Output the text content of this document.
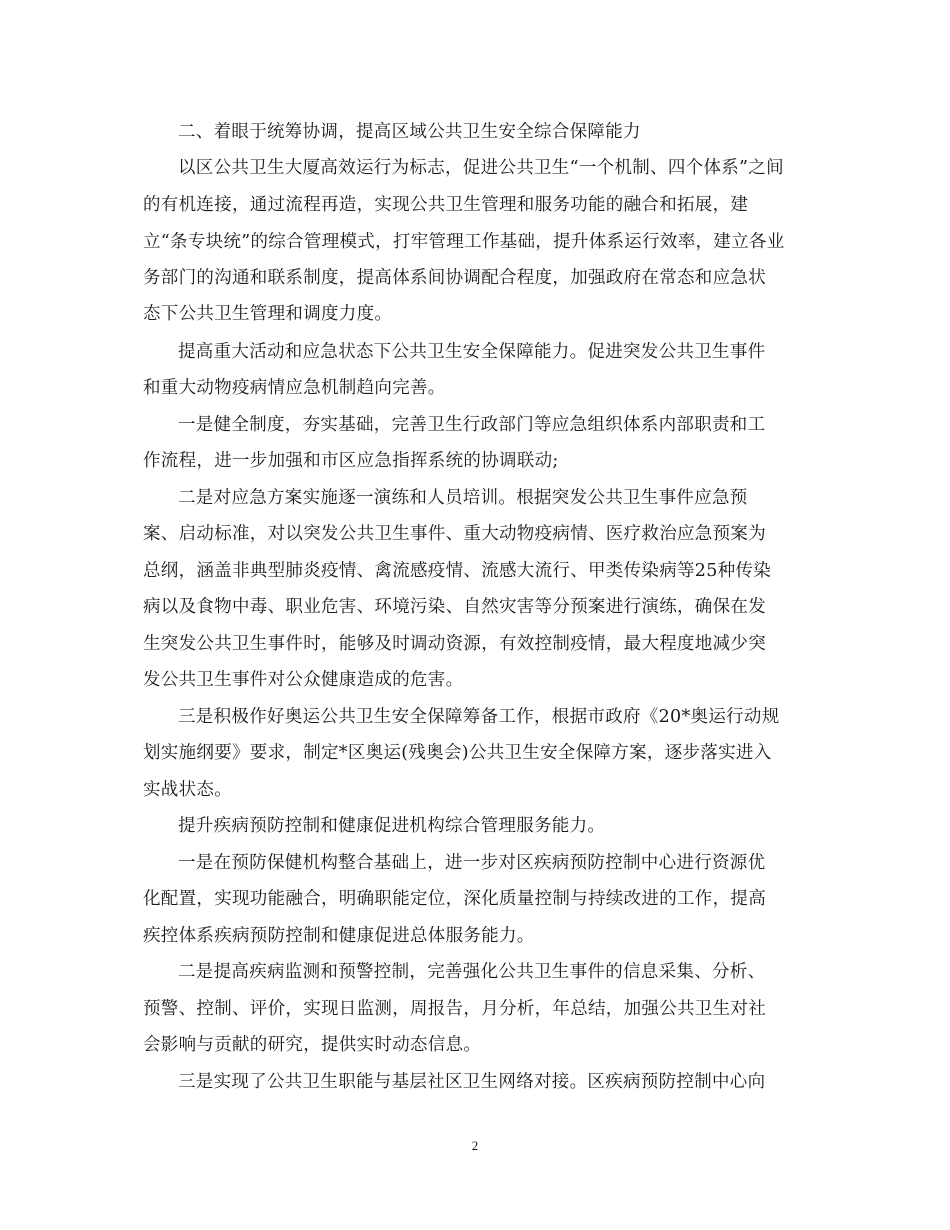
二、着眼于统筹协调，提高区域公共卫生安全综合保障能力
以区公共卫生大厦高效运行为标志，促进公共卫生“一个机制、四个体系”之间
的有机连接，通过流程再造，实现公共卫生管理和服务功能的融合和拓展，建
立“条专块统”的综合管理模式，打牢管理工作基础，提升体系运行效率，建立各业
务部门的沟通和联系制度，提高体系间协调配合程度，加强政府在常态和应急状
态下公共卫生管理和调度力度。
提高重大活动和应急状态下公共卫生安全保障能力。促进突发公共卫生事件
和重大动物疫病情应急机制趋向完善。
一是健全制度，夯实基础，完善卫生行政部门等应急组织体系内部职责和工
作流程，进一步加强和市区应急指挥系统的协调联动;
二是对应急方案实施逐一演练和人员培训。根据突发公共卫生事件应急预
案、启动标准，对以突发公共卫生事件、重大动物疫病情、医疗救治应急预案为
总纲，涵盖非典型肺炎疫情、禽流感疫情、流感大流行、甲类传染病等25种传染
病以及食物中毒、职业危害、环境污染、自然灾害等分预案进行演练，确保在发
生突发公共卫生事件时，能够及时调动资源，有效控制疫情，最大程度地减少突
发公共卫生事件对公众健康造成的危害。
三是积极作好奥运公共卫生安全保障筹备工作，根据市政府《20*奥运行动规
划实施纲要》要求，制定*区奥运(残奥会)公共卫生安全保障方案，逐步落实进入
实战状态。
提升疾病预防控制和健康促进机构综合管理服务能力。
一是在预防保健机构整合基础上，进一步对区疾病预防控制中心进行资源优
化配置，实现功能融合，明确职能定位，深化质量控制与持续改进的工作，提高
疾控体系疾病预防控制和健康促进总体服务能力。
二是提高疾病监测和预警控制，完善强化公共卫生事件的信息采集、分析、
预警、控制、评价，实现日监测，周报告，月分析，年总结，加强公共卫生对社
会影响与贡献的研究，提供实时动态信息。
三是实现了公共卫生职能与基层社区卫生网络对接。区疾病预防控制中心向
2
